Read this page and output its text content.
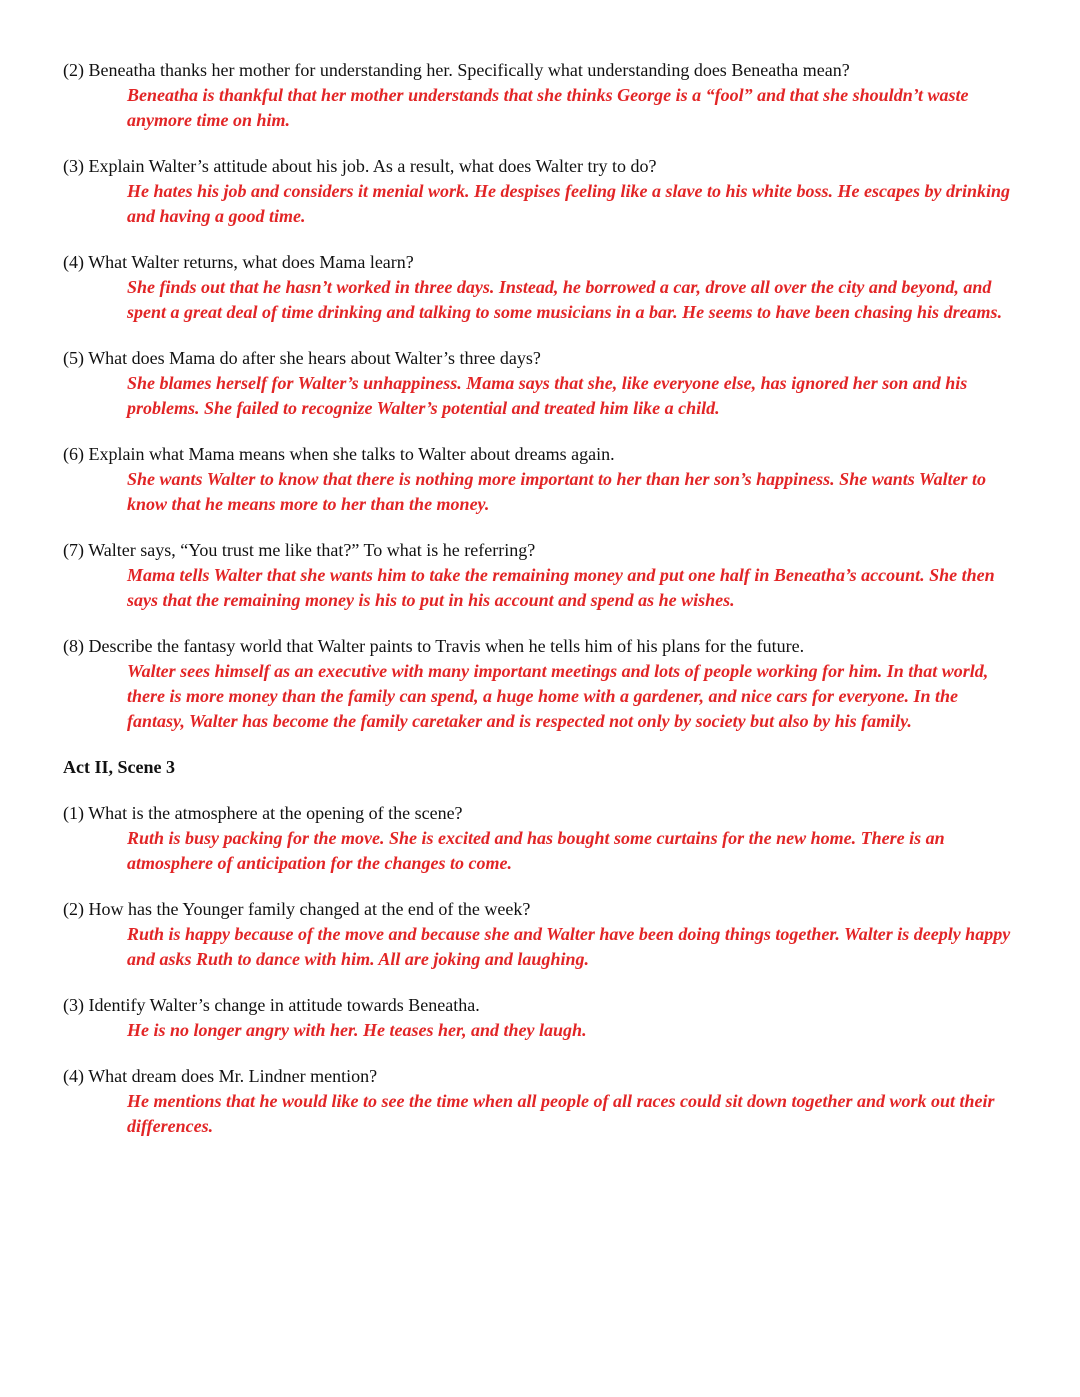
(2) Beneatha thanks her mother for understanding her. Specifically what understanding does Beneatha mean?

Beneatha is thankful that her mother understands that she thinks George is a “fool” and that she shouldn’t waste anymore time on him.

(3) Explain Walter’s attitude about his job. As a result, what does Walter try to do?

He hates his job and considers it menial work. He despises feeling like a slave to his white boss. He escapes by drinking and having a good time.

(4) What Walter returns, what does Mama learn?

She finds out that he hasn’t worked in three days. Instead, he borrowed a car, drove all over the city and beyond, and spent a great deal of time drinking and talking to some musicians in a bar. He seems to have been chasing his dreams.

(5) What does Mama do after she hears about Walter’s three days?

She blames herself for Walter’s unhappiness. Mama says that she, like everyone else, has ignored her son and his problems. She failed to recognize Walter’s potential and treated him like a child.

(6) Explain what Mama means when she talks to Walter about dreams again.

She wants Walter to know that there is nothing more important to her than her son’s happiness. She wants Walter to know that he means more to her than the money.

(7) Walter says, “You trust me like that?” To what is he referring?

Mama tells Walter that she wants him to take the remaining money and put one half in Beneatha’s account. She then says that the remaining money is his to put in his account and spend as he wishes.

(8) Describe the fantasy world that Walter paints to Travis when he tells him of his plans for the future.

Walter sees himself as an executive with many important meetings and lots of people working for him. In that world, there is more money than the family can spend, a huge home with a gardener, and nice cars for everyone. In the fantasy, Walter has become the family caretaker and is respected not only by society but also by his family.

Act II, Scene 3

(1) What is the atmosphere at the opening of the scene?

Ruth is busy packing for the move. She is excited and has bought some curtains for the new home. There is an atmosphere of anticipation for the changes to come.

(2) How has the Younger family changed at the end of the week?

Ruth is happy because of the move and because she and Walter have been doing things together. Walter is deeply happy and asks Ruth to dance with him. All are joking and laughing.

(3) Identify Walter’s change in attitude towards Beneatha.

He is no longer angry with her. He teases her, and they laugh.

(4) What dream does Mr. Lindner mention?

He mentions that he would like to see the time when all people of all races could sit down together and work out their differences.
